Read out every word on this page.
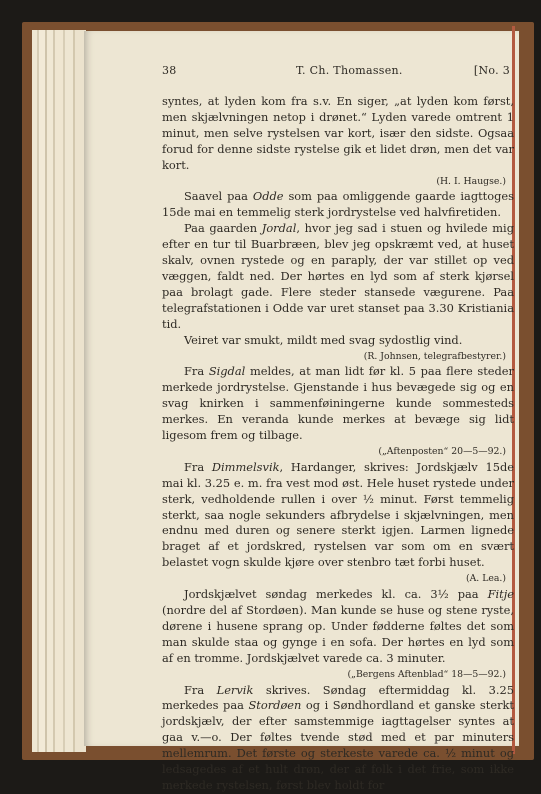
38	T. Ch. Thomassen.	[No. 3

syntes, at lyden kom fra s.v. En siger, „at lyden kom først, men skjælvningen netop i drønet.“ Lyden varede omtrent 1 minut, men selve rystelsen var kort, især den sidste. Ogsaa forud for denne sidste rystelse gik et lidet drøn, men det var kort.

(H. I. Haugse.)

Saavel paa Odde som paa omliggende gaarde iagttoges 15de mai en temmelig sterk jordrystelse ved halvfiretiden.

Paa gaarden Jordal, hvor jeg sad i stuen og hvilede mig efter en tur til Buarbræen, blev jeg opskræmt ved, at huset skalv, ovnen rystede og en paraply, der var stillet op ved væggen, faldt ned. Der hørtes en lyd som af sterk kjørsel paa brolagt gade. Flere steder stansede vægurene. Paa telegrafstationen i Odde var uret stanset paa 3.30 Kristiania tid.

Veiret var smukt, mildt med svag sydostlig vind.

(R. Johnsen, telegrafbestyrer.)

Fra Sigdal meldes, at man lidt før kl. 5 paa flere steder merkede jordrystelse. Gjenstande i hus bevægede sig og en svag knirken i sammenføiningerne kunde sommesteds merkes. En veranda kunde merkes at bevæge sig lidt ligesom frem og tilbage.

(„Aftenposten“ 20—5—92.)

Fra Dimmelsvik, Hardanger, skrives: Jordskjælv 15de mai kl. 3.25 e. m. fra vest mod øst. Hele huset rystede under sterk, vedholdende rullen i over ½ minut. Først temmelig sterkt, saa nogle sekunders afbrydelse i skjælvningen, men endnu med duren og senere sterkt igjen. Larmen lignede braget af et jordskred, rystelsen var som om en svært belastet vogn skulde kjøre over stenbro tæt forbi huset.

(A. Lea.)

Jordskjælvet søndag merkedes kl. ca. 3½ paa Fitje (nordre del af Stordøen). Man kunde se huse og stene ryste, dørene i husene sprang op. Under fødderne føltes det som man skulde staa og gynge i en sofa. Der hørtes en lyd som af en tromme. Jordskjælvet varede ca. 3 minuter.

(„Bergens Aftenblad“ 18—5—92.)

Fra Lervik skrives. Søndag eftermiddag kl. 3.25 merkedes paa Stordøen og i Søndhordland et ganske sterkt jordskjælv, der efter samstemmige iagttagelser syntes at gaa v.—o. Der føltes tvende stød med et par minuters mellemrum. Det første og sterkeste varede ca. ½ minut og ledsagedes af et hult drøn, der af folk i det frie, som ikke merkede rystelsen, først blev holdt for
